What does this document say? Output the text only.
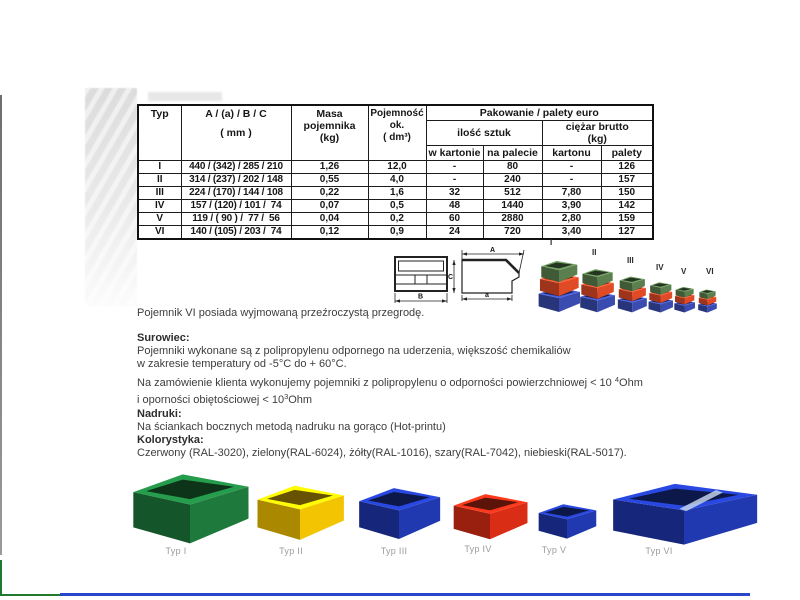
Typ	A / (a) / B / C
( mm )

Masa
pojemnika
(kg)

Pojemność
ok.
( dm³)
	Pakowanie / palety euro
				ilość sztuk		ciężar brutto
(kg)	

				w kartonie	na palecie	kartonu	palety
I	440 / (342) / 285 / 210	1,26	12,0	-	80	-	126
II	314 / (237) / 202 / 148	0,55	4,0	-	240	-	157
III	224 / (170) / 144 / 108	0,22	1,6	32	512	7,80	150
IV	157 / (120) / 101 /  74	0,07	0,5	48	1440	3,90	142
V	119 / ( 90 ) /  77 /  56	0,04	0,2	60	2880	2,80	159
VI	140 / (105) / 203 /  74	0,12	0,9	24	720	3,40	127
B
A
C
a
I
II
III
IV V VI
Pojemnik VI posiada wyjmowaną przeźroczystą przegrodę.
Surowiec:
Pojemniki wykonane są z polipropylenu odpornego na uderzenia, większość chemikaliów
w zakresie temperatury od -5°C do + 60°C.
Na zamówienie klienta wykonujemy pojemniki z polipropylenu o odporności powierzchniowej < 10 $^4$Ohm
i oporności obiętościowej < $10^3Ohm$
Nadruki:
Na ściankach bocznych metodą nadruku na gorąco (Hot-printu)
Kolorystyka:
Czerwony (RAL-3020), zielony(RAL-6024), żółty(RAL-1016), szary(RAL-7042), niebieski(RAL-5017).
Typ I	Typ II	Typ III	Typ IV	Typ V	Typ VI
